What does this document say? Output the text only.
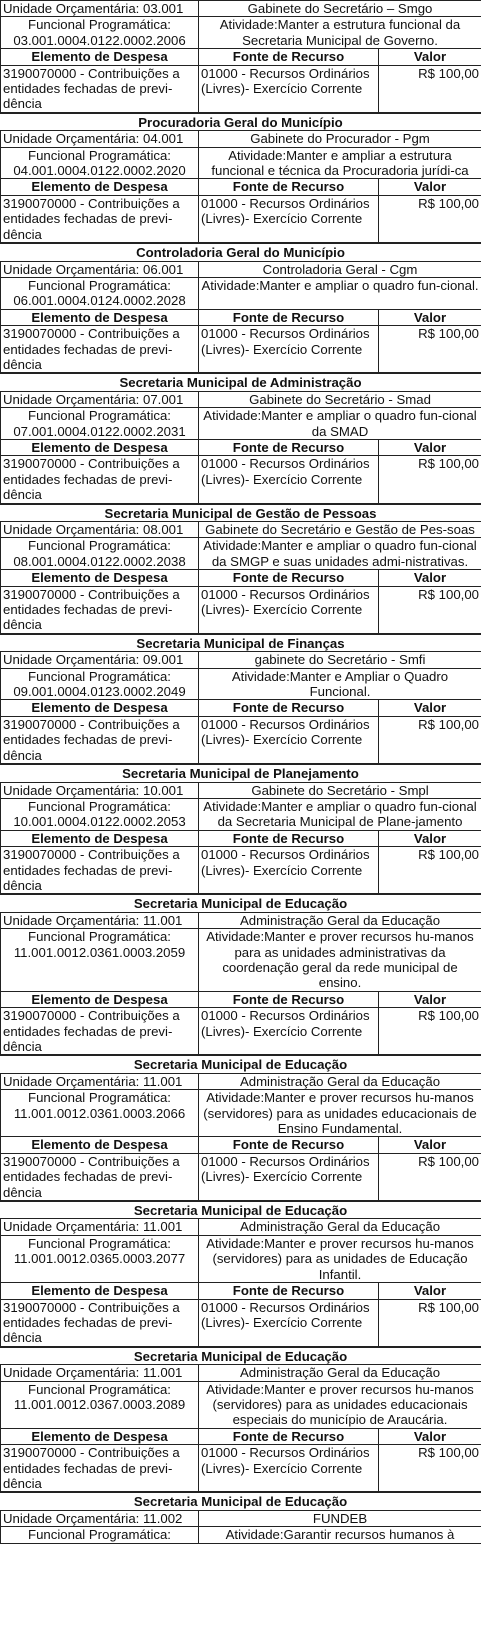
Unidade Orçamentária: 03.001	Gabinete do Secretário – Smgo	

Funcional Programática:
03.001.0004.0122.0002.2006	Atividade:Manter a estrutura funcional da Secretaria Municipal de Governo.	
Elemento de Despesa	Fonte de Recurso	Valor
3190070000 - Contribuições a entidades fechadas de previ-dência	01000 - Recursos Ordinários (Livres)- Exercício Corrente	R$ 100,00
Procuradoria Geral do Município
Unidade Orçamentária: 04.001	Gabinete do Procurador - Pgm	

Funcional Programática:
04.001.0004.0122.0002.2020	Atividade:Manter e ampliar a estrutura funcional e técnica da Procuradoria jurídi-ca	
Elemento de Despesa	Fonte de Recurso	Valor
3190070000 - Contribuições a entidades fechadas de previ-dência	01000 - Recursos Ordinários (Livres)- Exercício Corrente	R$ 100,00
Controladoria Geral do Município
Unidade Orçamentária: 06.001	Controladoria Geral - Cgm	

Funcional Programática:
06.001.0004.0124.0002.2028	Atividade:Manter e ampliar o quadro fun-cional.	
Elemento de Despesa	Fonte de Recurso	Valor
3190070000 - Contribuições a entidades fechadas de previ-dência	01000 - Recursos Ordinários (Livres)- Exercício Corrente	R$ 100,00
Secretaria Municipal de Administração
Unidade Orçamentária: 07.001	Gabinete do Secretário - Smad	

Funcional Programática:
07.001.0004.0122.0002.2031	Atividade:Manter e ampliar o quadro fun-cional da SMAD	
Elemento de Despesa	Fonte de Recurso	Valor
3190070000 - Contribuições a entidades fechadas de previ-dência	01000 - Recursos Ordinários (Livres)- Exercício Corrente	R$ 100,00
Secretaria Municipal de Gestão de Pessoas
Unidade Orçamentária: 08.001	Gabinete do Secretário e Gestão de Pes-soas	

Funcional Programática:
08.001.0004.0122.0002.2038	Atividade:Manter e ampliar o quadro fun-cional da SMGP e suas unidades admi-nistrativas.	
Elemento de Despesa	Fonte de Recurso	Valor
3190070000 - Contribuições a entidades fechadas de previ-dência	01000 - Recursos Ordinários (Livres)- Exercício Corrente	R$ 100,00
Secretaria Municipal de Finanças
Unidade Orçamentária: 09.001	gabinete do Secretário - Smfi	

Funcional Programática:
09.001.0004.0123.0002.2049	Atividade:Manter e Ampliar o Quadro Funcional.	
Elemento de Despesa	Fonte de Recurso	Valor
3190070000 - Contribuições a entidades fechadas de previ-dência	01000 - Recursos Ordinários (Livres)- Exercício Corrente	R$ 100,00
Secretaria Municipal de Planejamento
Unidade Orçamentária: 10.001	Gabinete do Secretário - Smpl	

Funcional Programática:
10.001.0004.0122.0002.2053	Atividade:Manter e ampliar o quadro fun-cional da Secretaria Municipal de Plane-jamento	
Elemento de Despesa	Fonte de Recurso	Valor
3190070000 - Contribuições a entidades fechadas de previ-dência	01000 - Recursos Ordinários (Livres)- Exercício Corrente	R$ 100,00
Secretaria Municipal de Educação
Unidade Orçamentária: 11.001	Administração Geral da Educação	

Funcional Programática:
11.001.0012.0361.0003.2059	Atividade:Manter e prover recursos hu-manos para as unidades administrativas da coordenação geral da rede municipal de ensino.	
Elemento de Despesa	Fonte de Recurso	Valor
3190070000 - Contribuições a entidades fechadas de previ-dência	01000 - Recursos Ordinários (Livres)- Exercício Corrente	R$ 100,00
Secretaria Municipal de Educação
Unidade Orçamentária: 11.001	Administração Geral da Educação	

Funcional Programática:
11.001.0012.0361.0003.2066	Atividade:Manter e prover recursos hu-manos (servidores) para as unidades educacionais de Ensino Fundamental.	
Elemento de Despesa	Fonte de Recurso	Valor
3190070000 - Contribuições a entidades fechadas de previ-dência	01000 - Recursos Ordinários (Livres)- Exercício Corrente	R$ 100,00
Secretaria Municipal de Educação
Unidade Orçamentária: 11.001	Administração Geral da Educação	

Funcional Programática:
11.001.0012.0365.0003.2077	Atividade:Manter e prover recursos hu-manos (servidores) para as unidades de Educação Infantil.	
Elemento de Despesa	Fonte de Recurso	Valor
3190070000 - Contribuições a entidades fechadas de previ-dência	01000 - Recursos Ordinários (Livres)- Exercício Corrente	R$ 100,00
Secretaria Municipal de Educação
Unidade Orçamentária: 11.001	Administração Geral da Educação	

Funcional Programática:
11.001.0012.0367.0003.2089	Atividade:Manter e prover recursos hu-manos (servidores) para as unidades educacionais especiais do município de Araucária.	
Elemento de Despesa	Fonte de Recurso	Valor
3190070000 - Contribuições a entidades fechadas de previ-dência	01000 - Recursos Ordinários (Livres)- Exercício Corrente	R$ 100,00
Secretaria Municipal de Educação
Unidade Orçamentária: 11.002	FUNDEB

Funcional Programática:	Atividade:Garantir recursos humanos à
